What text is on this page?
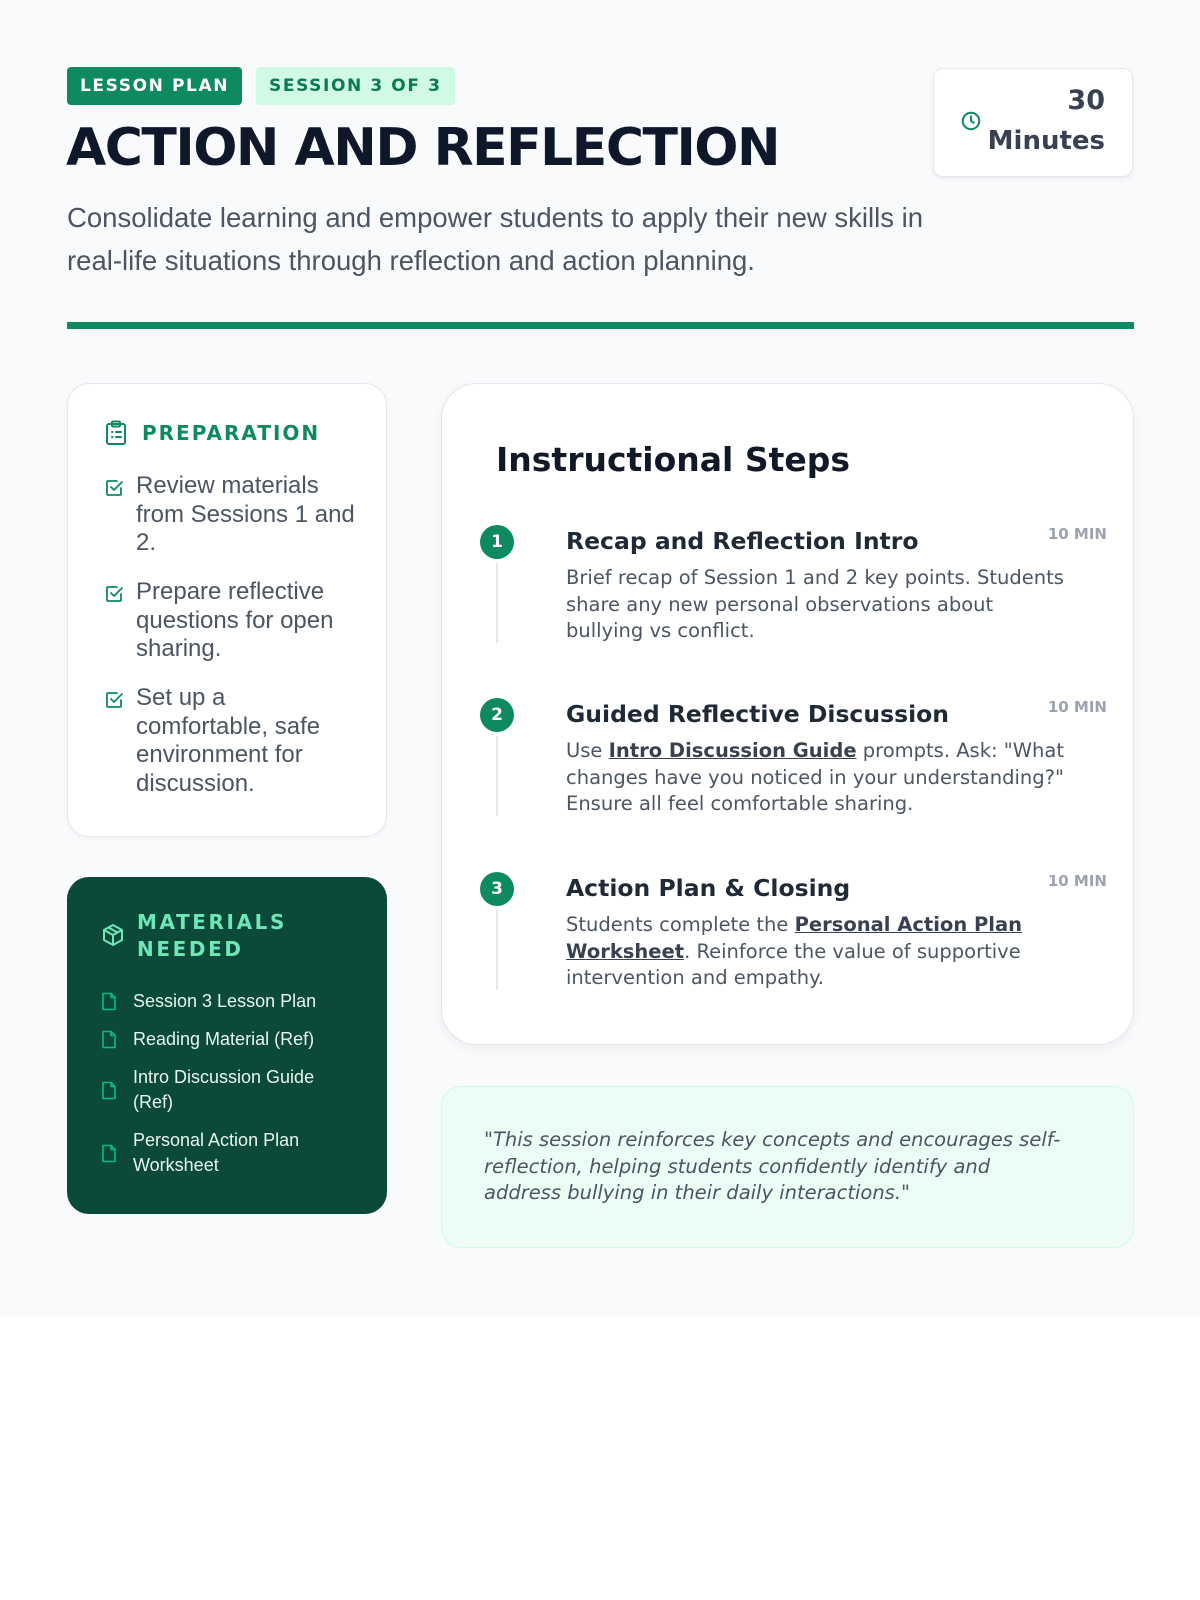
LESSON PLAN	SESSION 3 OF 3
ACTION AND REFLECTION

Consolidate learning and empower students to apply their new skills in real-life situations through reflection and action planning.

30
Minutes
PREPARATION
Review materials from Sessions 1 and 2.
Prepare reflective questions for open sharing.
Set up a comfortable, safe environment for discussion.
MATERIALS NEEDED
Session 3 Lesson Plan
Reading Material (Ref)
Intro Discussion Guide (Ref)
Personal Action Plan Worksheet
Instructional Steps
1	Recap and Reflection Intro	10 MIN

Brief recap of Session 1 and 2 key points. Students share any new personal observations about bullying vs conflict.

2	Guided Reflective Discussion	10 MIN

Use Intro Discussion Guide prompts. Ask: "What changes have you noticed in your understanding?" Ensure all feel comfortable sharing.

3	Action Plan & Closing	10 MIN

Students complete the Personal Action Plan Worksheet. Reinforce the value of supportive intervention and empathy.

"This session reinforces key concepts and encourages self-reflection, helping students confidently identify and address bullying in their daily interactions."
